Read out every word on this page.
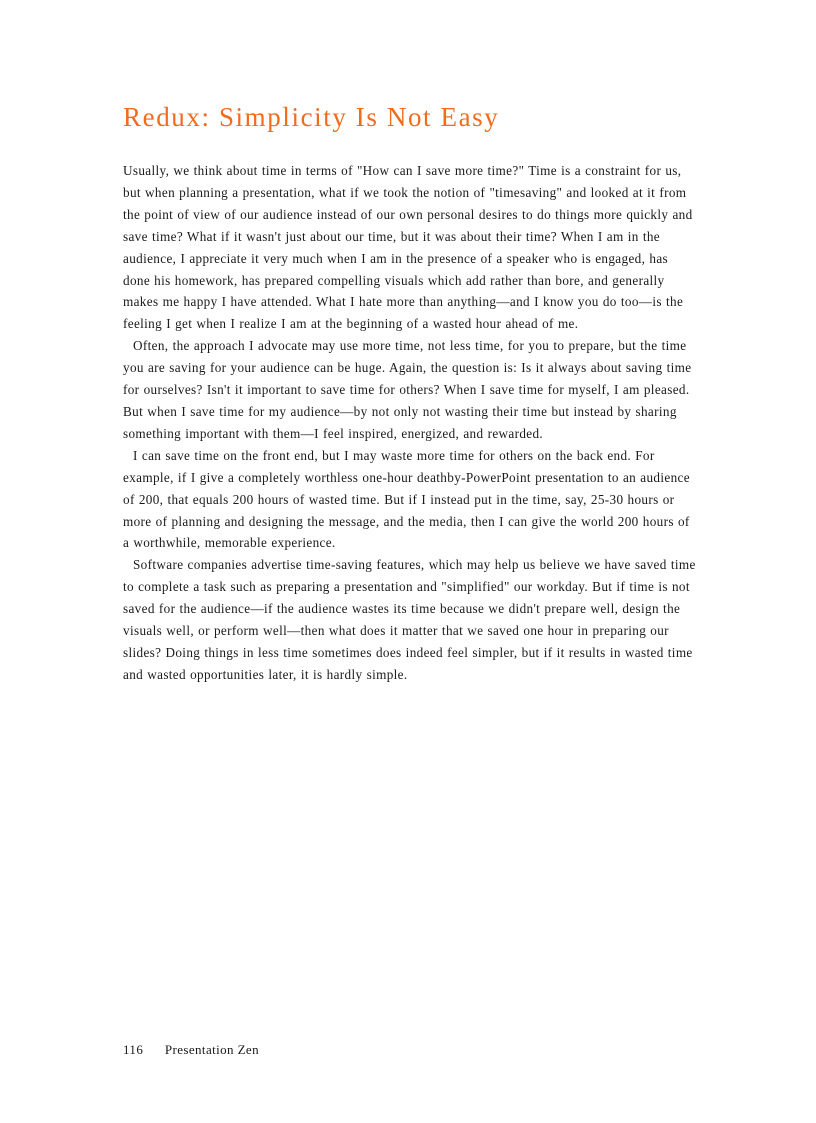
Redux: Simplicity Is Not Easy

Usually, we think about time in terms of "How can I save more time?" Time is a constraint for us, but when planning a presentation, what if we took the notion of "timesaving" and looked at it from the point of view of our audience instead of our own personal desires to do things more quickly and save time? What if it wasn't just about our time, but it was about their time? When I am in the audience, I appreciate it very much when I am in the presence of a speaker who is engaged, has done his homework, has prepared compelling visuals which add rather than bore, and generally makes me happy I have attended. What I hate more than anything—and I know you do too—is the feeling I get when I realize I am at the beginning of a wasted hour ahead of me.

Often, the approach I advocate may use more time, not less time, for you to prepare, but the time you are saving for your audience can be huge. Again, the question is: Is it always about saving time for ourselves? Isn't it important to save time for others? When I save time for myself, I am pleased. But when I save time for my audience—by not only not wasting their time but instead by sharing something important with them—I feel inspired, energized, and rewarded.

I can save time on the front end, but I may waste more time for others on the back end. For example, if I give a completely worthless one-hour deathby-PowerPoint presentation to an audience of 200, that equals 200 hours of wasted time. But if I instead put in the time, say, 25-30 hours or more of planning and designing the message, and the media, then I can give the world 200 hours of a worthwhile, memorable experience.

Software companies advertise time-saving features, which may help us believe we have saved time to complete a task such as preparing a presentation and "simplified" our workday. But if time is not saved for the audience—if the audience wastes its time because we didn't prepare well, design the visuals well, or perform well—then what does it matter that we saved one hour in preparing our slides? Doing things in less time sometimes does indeed feel simpler, but if it results in wasted time and wasted opportunities later, it is hardly simple.

116 Presentation Zen
